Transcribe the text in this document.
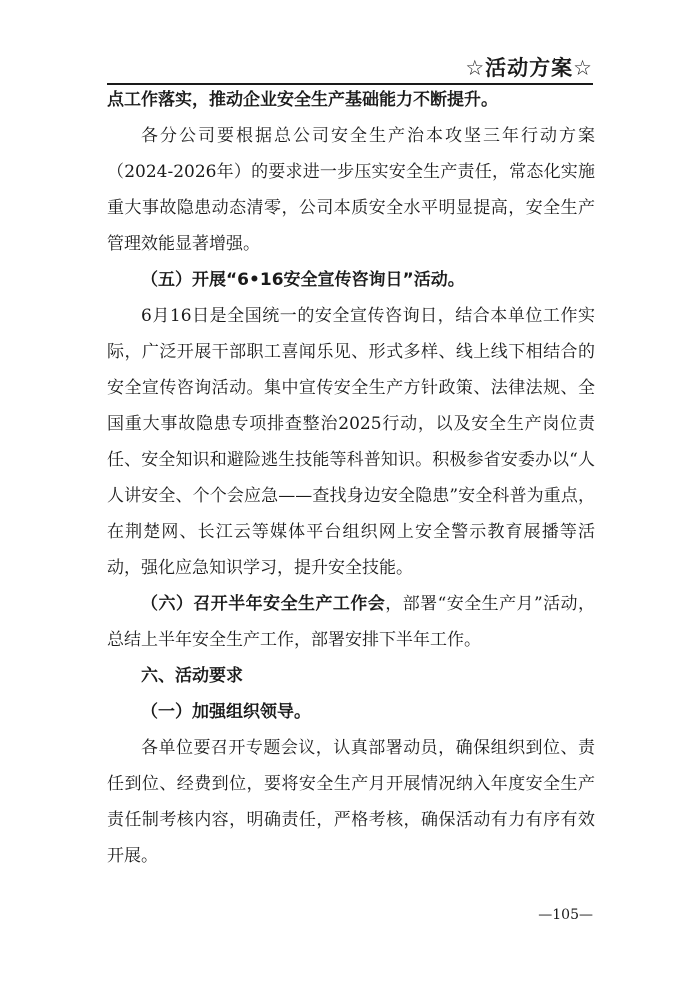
☆活动方案☆

点工作落实，推动企业安全生产基础能力不断提升。

各分公司要根据总公司安全生产治本攻坚三年行动方案（2024-2026年）的要求进一步压实安全生产责任，常态化实施重大事故隐患动态清零，公司本质安全水平明显提高，安全生产管理效能显著增强。

（五）开展“6•16安全宣传咨询日”活动。

6月16日是全国统一的安全宣传咨询日，结合本单位工作实际，广泛开展干部职工喜闻乐见、形式多样、线上线下相结合的安全宣传咨询活动。集中宣传安全生产方针政策、法律法规、全国重大事故隐患专项排查整治2025行动，以及安全生产岗位责任、安全知识和避险逃生技能等科普知识。积极参省安委办以“人人讲安全、个个会应急——查找身边安全隐患”安全科普为重点，在荆楚网、长江云等媒体平台组织网上安全警示教育展播等活动，强化应急知识学习，提升安全技能。

（六）召开半年安全生产工作会，部署“安全生产月”活动，总结上半年安全生产工作，部署安排下半年工作。

六、活动要求

（一）加强组织领导。

各单位要召开专题会议，认真部署动员，确保组织到位、责任到位、经费到位，要将安全生产月开展情况纳入年度安全生产责任制考核内容，明确责任，严格考核，确保活动有力有序有效开展。

—105—
